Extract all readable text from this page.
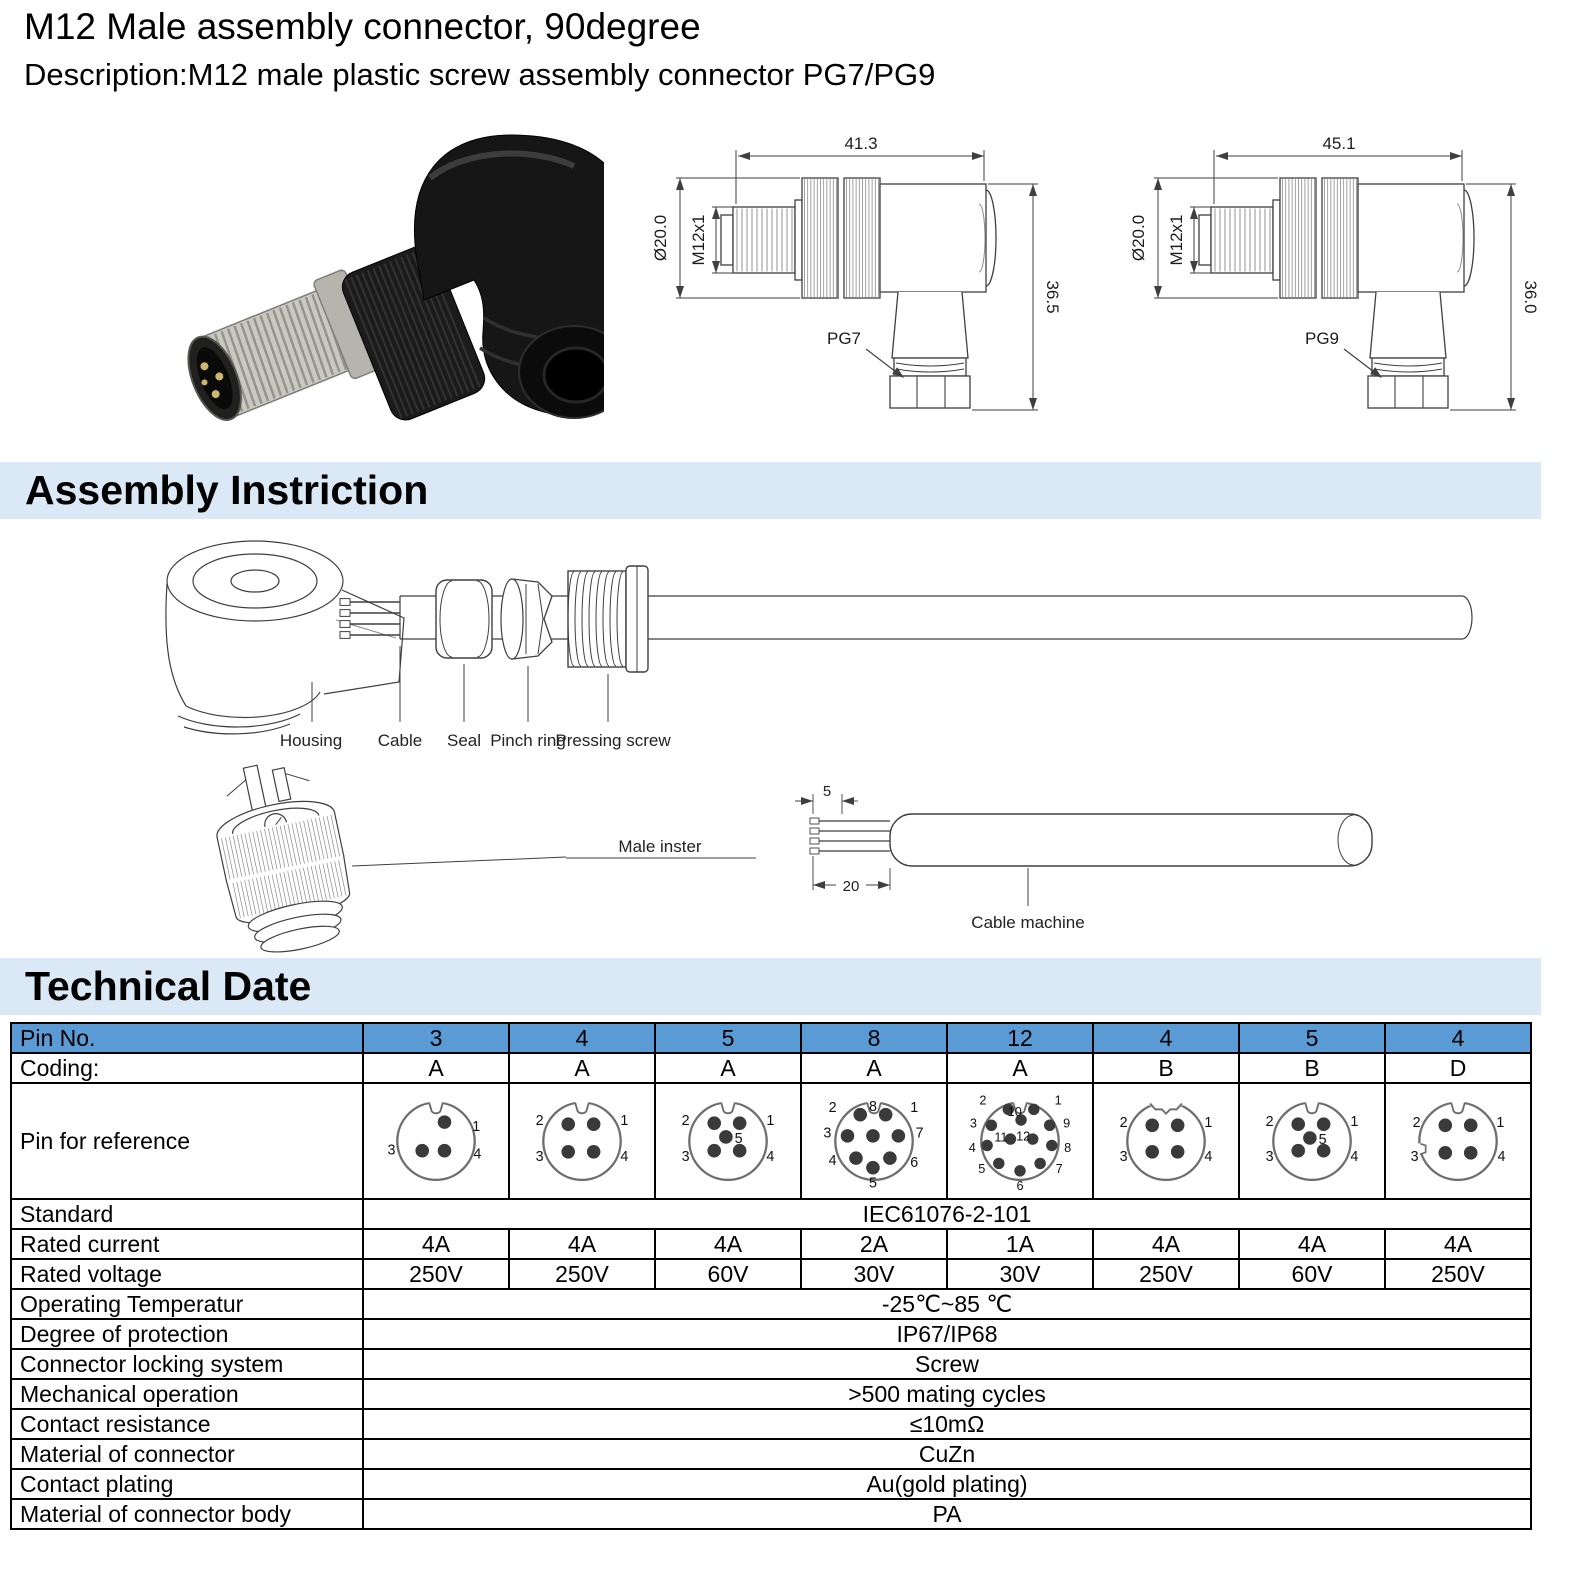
M12 Male assembly connector, 90degree
Description:M12 male plastic screw assembly connector PG7/PG9
41.3
Ø20.0 M12x1
36.5
PG7
45.1
Ø20.0 M12x1
36.0
PG9
Assembly Instriction
Housing Cable Seal Pinch ring
Pressing screw
Male inster
5
20
Cable machine
Technical Date
Pin No.	3	4	5	8	12	4	5	4
Coding:	A	A	A	A	A	B	B	D
Pin for reference	
1
3	4

2	1
3	4

2	1
3	4
5

2 8 1
3	7
4	6
5

2
10
1
3
11 12
9
4	8
5	7
6

2	1
3	4

2	1
3	4
5

2	1
3	4

Standard	IEC61076-2-101							
Rated current	4A	4A	4A	2A	1A	4A	4A	4A
Rated voltage	250V	250V	60V	30V	30V	250V	60V	250V
Operating Temperatur	-25℃~85 ℃							
Degree of protection	IP67/IP68							
Connector locking system	Screw							
Mechanical operation	>500 mating cycles							
Contact resistance	≤10mΩ							
Material of connector	CuZn							
Contact plating	Au(gold plating)							
Material of connector body	PA							
